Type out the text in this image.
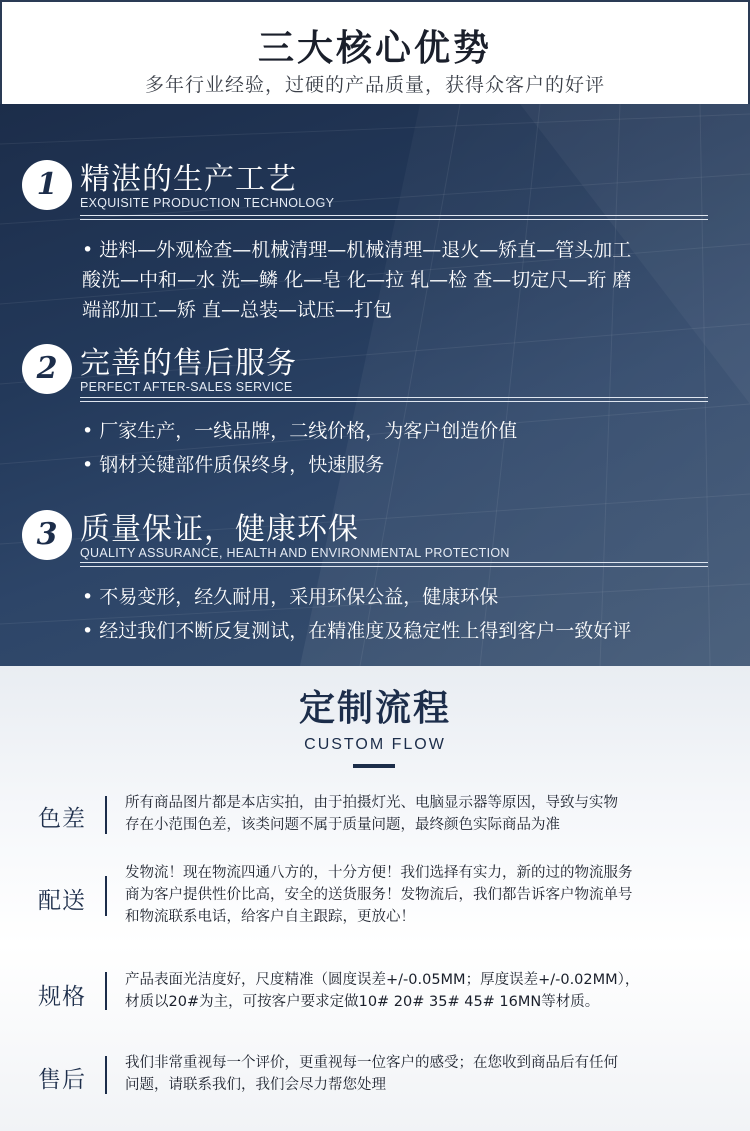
三大核心优势
多年行业经验，过硬的产品质量，获得众客户的好评
1 精湛的生产工艺
EXQUISITE PRODUCTION TECHNOLOGY
• 进料—外观检查—机械清理—机械清理—退火—矫直—管头加工
酸洗—中和—水 洗—鳞 化—皂 化—拉 轧—检 查—切定尺—珩 磨
端部加工—矫 直—总装—试压—打包
2 完善的售后服务
PERFECT AFTER-SALES SERVICE
• 厂家生产，一线品牌，二线价格，为客户创造价值
• 钢材关键部件质保终身，快速服务
3 质量保证，健康环保
QUALITY ASSURANCE, HEALTH AND ENVIRONMENTAL PROTECTION
• 不易变形，经久耐用，采用环保公益，健康环保
• 经过我们不断反复测试，在精准度及稳定性上得到客户一致好评
定制流程
CUSTOM FLOW
色差
所有商品图片都是本店实拍，由于拍摄灯光、电脑显示器等原因，导致与实物
存在小范围色差，该类问题不属于质量问题，最终颜色实际商品为准
配送
发物流！现在物流四通八方的，十分方便！我们选择有实力，新的过的物流服务
商为客户提供性价比高，安全的送货服务！发物流后，我们都告诉客户物流单号
和物流联系电话，给客户自主跟踪，更放心！
规格
产品表面光洁度好，尺度精准（圆度误差+/-0.05MM；厚度误差+/-0.02MM），
材质以20#为主，可按客户要求定做10# 20# 35# 45# 16MN等材质。
售后
我们非常重视每一个评价，更重视每一位客户的感受；在您收到商品后有任何
问题，请联系我们，我们会尽力帮您处理
